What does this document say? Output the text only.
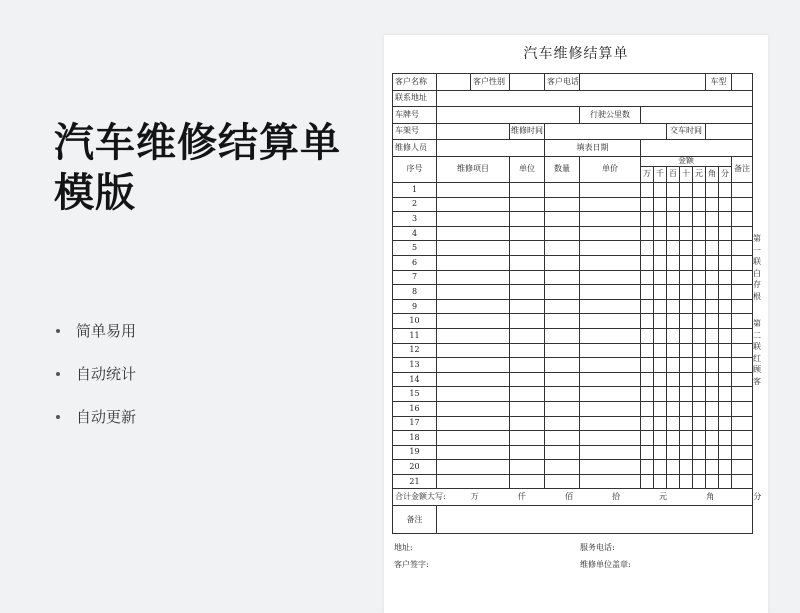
汽车维修结算单
模版
简单易用
自动统计
自动更新
汽车维修结算单
客户名称		客户性别		客户电话							车型		
联系地址													
车牌号					行驶公里数								
车架号			维修时间					交车时间					
维修人员				填表日期									
序号	维修项目		单位	数量	单价	金额							备注
						万	千	百	十	元	角	分	
1													
2													
3													
4													
5													
6													
7													
8													
9													
10													
11													
12													
13													
14													
15													
16													
17													
18													
19													
20													
21													
合计金额大写: 万 仟 佰 拾 元 角 分													
备注													
第一联白存根
第二联红顾客
地址:	服务电话:
客户签字:	维修单位盖章:
